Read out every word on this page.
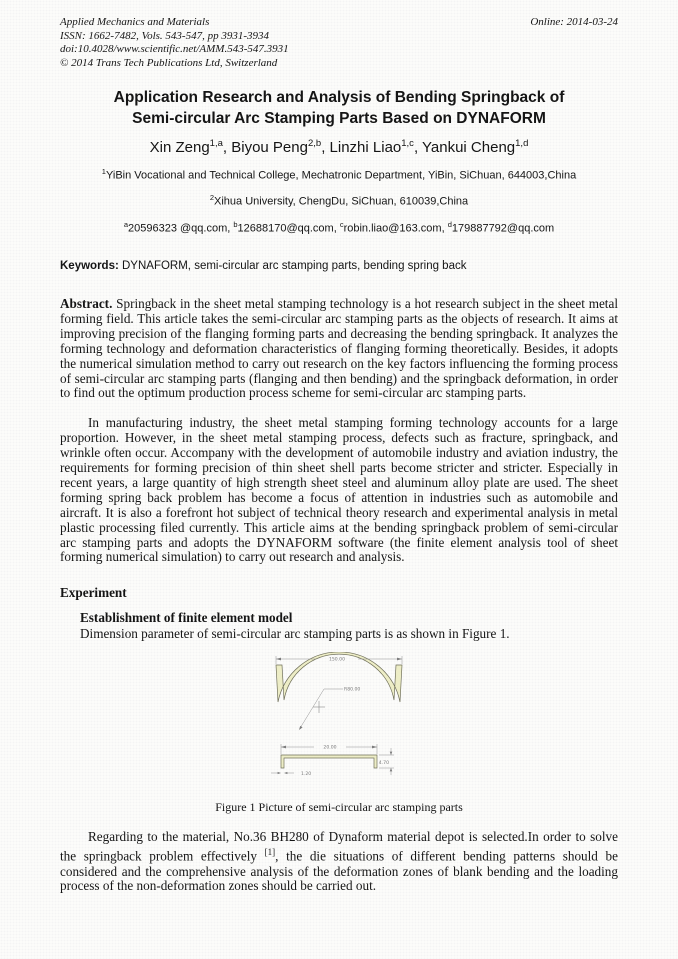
Applied Mechanics and Materials
ISSN: 1662-7482, Vols. 543-547, pp 3931-3934
doi:10.4028/www.scientific.net/AMM.543-547.3931
© 2014 Trans Tech Publications Ltd, Switzerland
Online: 2014-03-24
Application Research and Analysis of Bending Springback of
Semi-circular Arc Stamping Parts Based on DYNAFORM
Xin Zeng$^{1,a}$, Biyou Peng$^{2,b}$, Linzhi Liao$^{1,c}$, Yankui Cheng$^{1,d}$
$^1$YiBin Vocational and Technical College, Mechatronic Department, YiBin, SiChuan, 644003,China
$^2$Xihua University, ChengDu, SiChuan, 610039,China
$^a$20596323 @qq.com, $^b$12688170@qq.com, $^c$robin.liao@163.com, $^d$179887792@qq.com

Keywords: DYNAFORM, semi-circular arc stamping parts, bending spring back

Abstract. Springback in the sheet metal stamping technology is a hot research subject in the sheet metal forming field. This article takes the semi-circular arc stamping parts as the objects of research. It aims at improving precision of the flanging forming parts and decreasing the bending springback. It analyzes the forming technology and deformation characteristics of flanging forming theoretically. Besides, it adopts the numerical simulation method to carry out research on the key factors influencing the forming process of semi-circular arc stamping parts (flanging and then bending) and the springback deformation, in order to find out the optimum production process scheme for semi-circular arc stamping parts.

In manufacturing industry, the sheet metal stamping forming technology accounts for a large proportion. However, in the sheet metal stamping process, defects such as fracture, springback, and wrinkle often occur. Accompany with the development of automobile industry and aviation industry, the requirements for forming precision of thin sheet shell parts become stricter and stricter. Especially in recent years, a large quantity of high strength sheet steel and aluminum alloy plate are used. The sheet forming spring back problem has become a focus of attention in industries such as automobile and aircraft. It is also a forefront hot subject of technical theory research and experimental analysis in metal plastic processing filed currently. This article aims at the bending springback problem of semi-circular arc stamping parts and adopts the DYNAFORM software (the finite element analysis tool of sheet forming numerical simulation) to carry out research and analysis.

Experiment
Establishment of finite element model

Dimension parameter of semi-circular arc stamping parts is as shown in Figure 1.

150.00
R80.00
20.00
4.70
1.20
Figure 1 Picture of semi-circular arc stamping parts

Regarding to the material, No.36 BH280 of Dynaform material depot is selected.In order to solve the springback problem effectively [1], the die situations of different bending patterns should be considered and the comprehensive analysis of the deformation zones of blank bending and the loading process of the non-deformation zones should be carried out.
